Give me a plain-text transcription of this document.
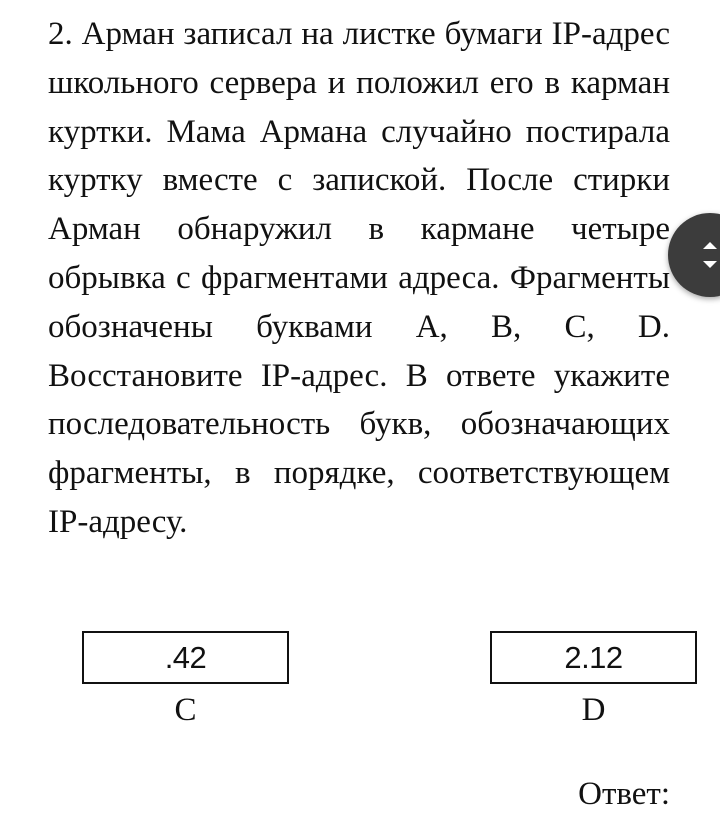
2. Арман записал на листке бумаги IP-адрес школьного сервера и положил его в карман куртки. Мама Армана случайно постирала куртку вместе с запиской. После стирки Арман обнаружил в кармане четыре обрывка с фрагментами адреса. Фрагменты обозначены буквами A, B, C, D. Восстановите IP-адрес. В ответе укажите последовательность букв, обозначающих фрагменты, в порядке, соответствующем IP-адресу.

.42
C
2.12
D
Ответ:
